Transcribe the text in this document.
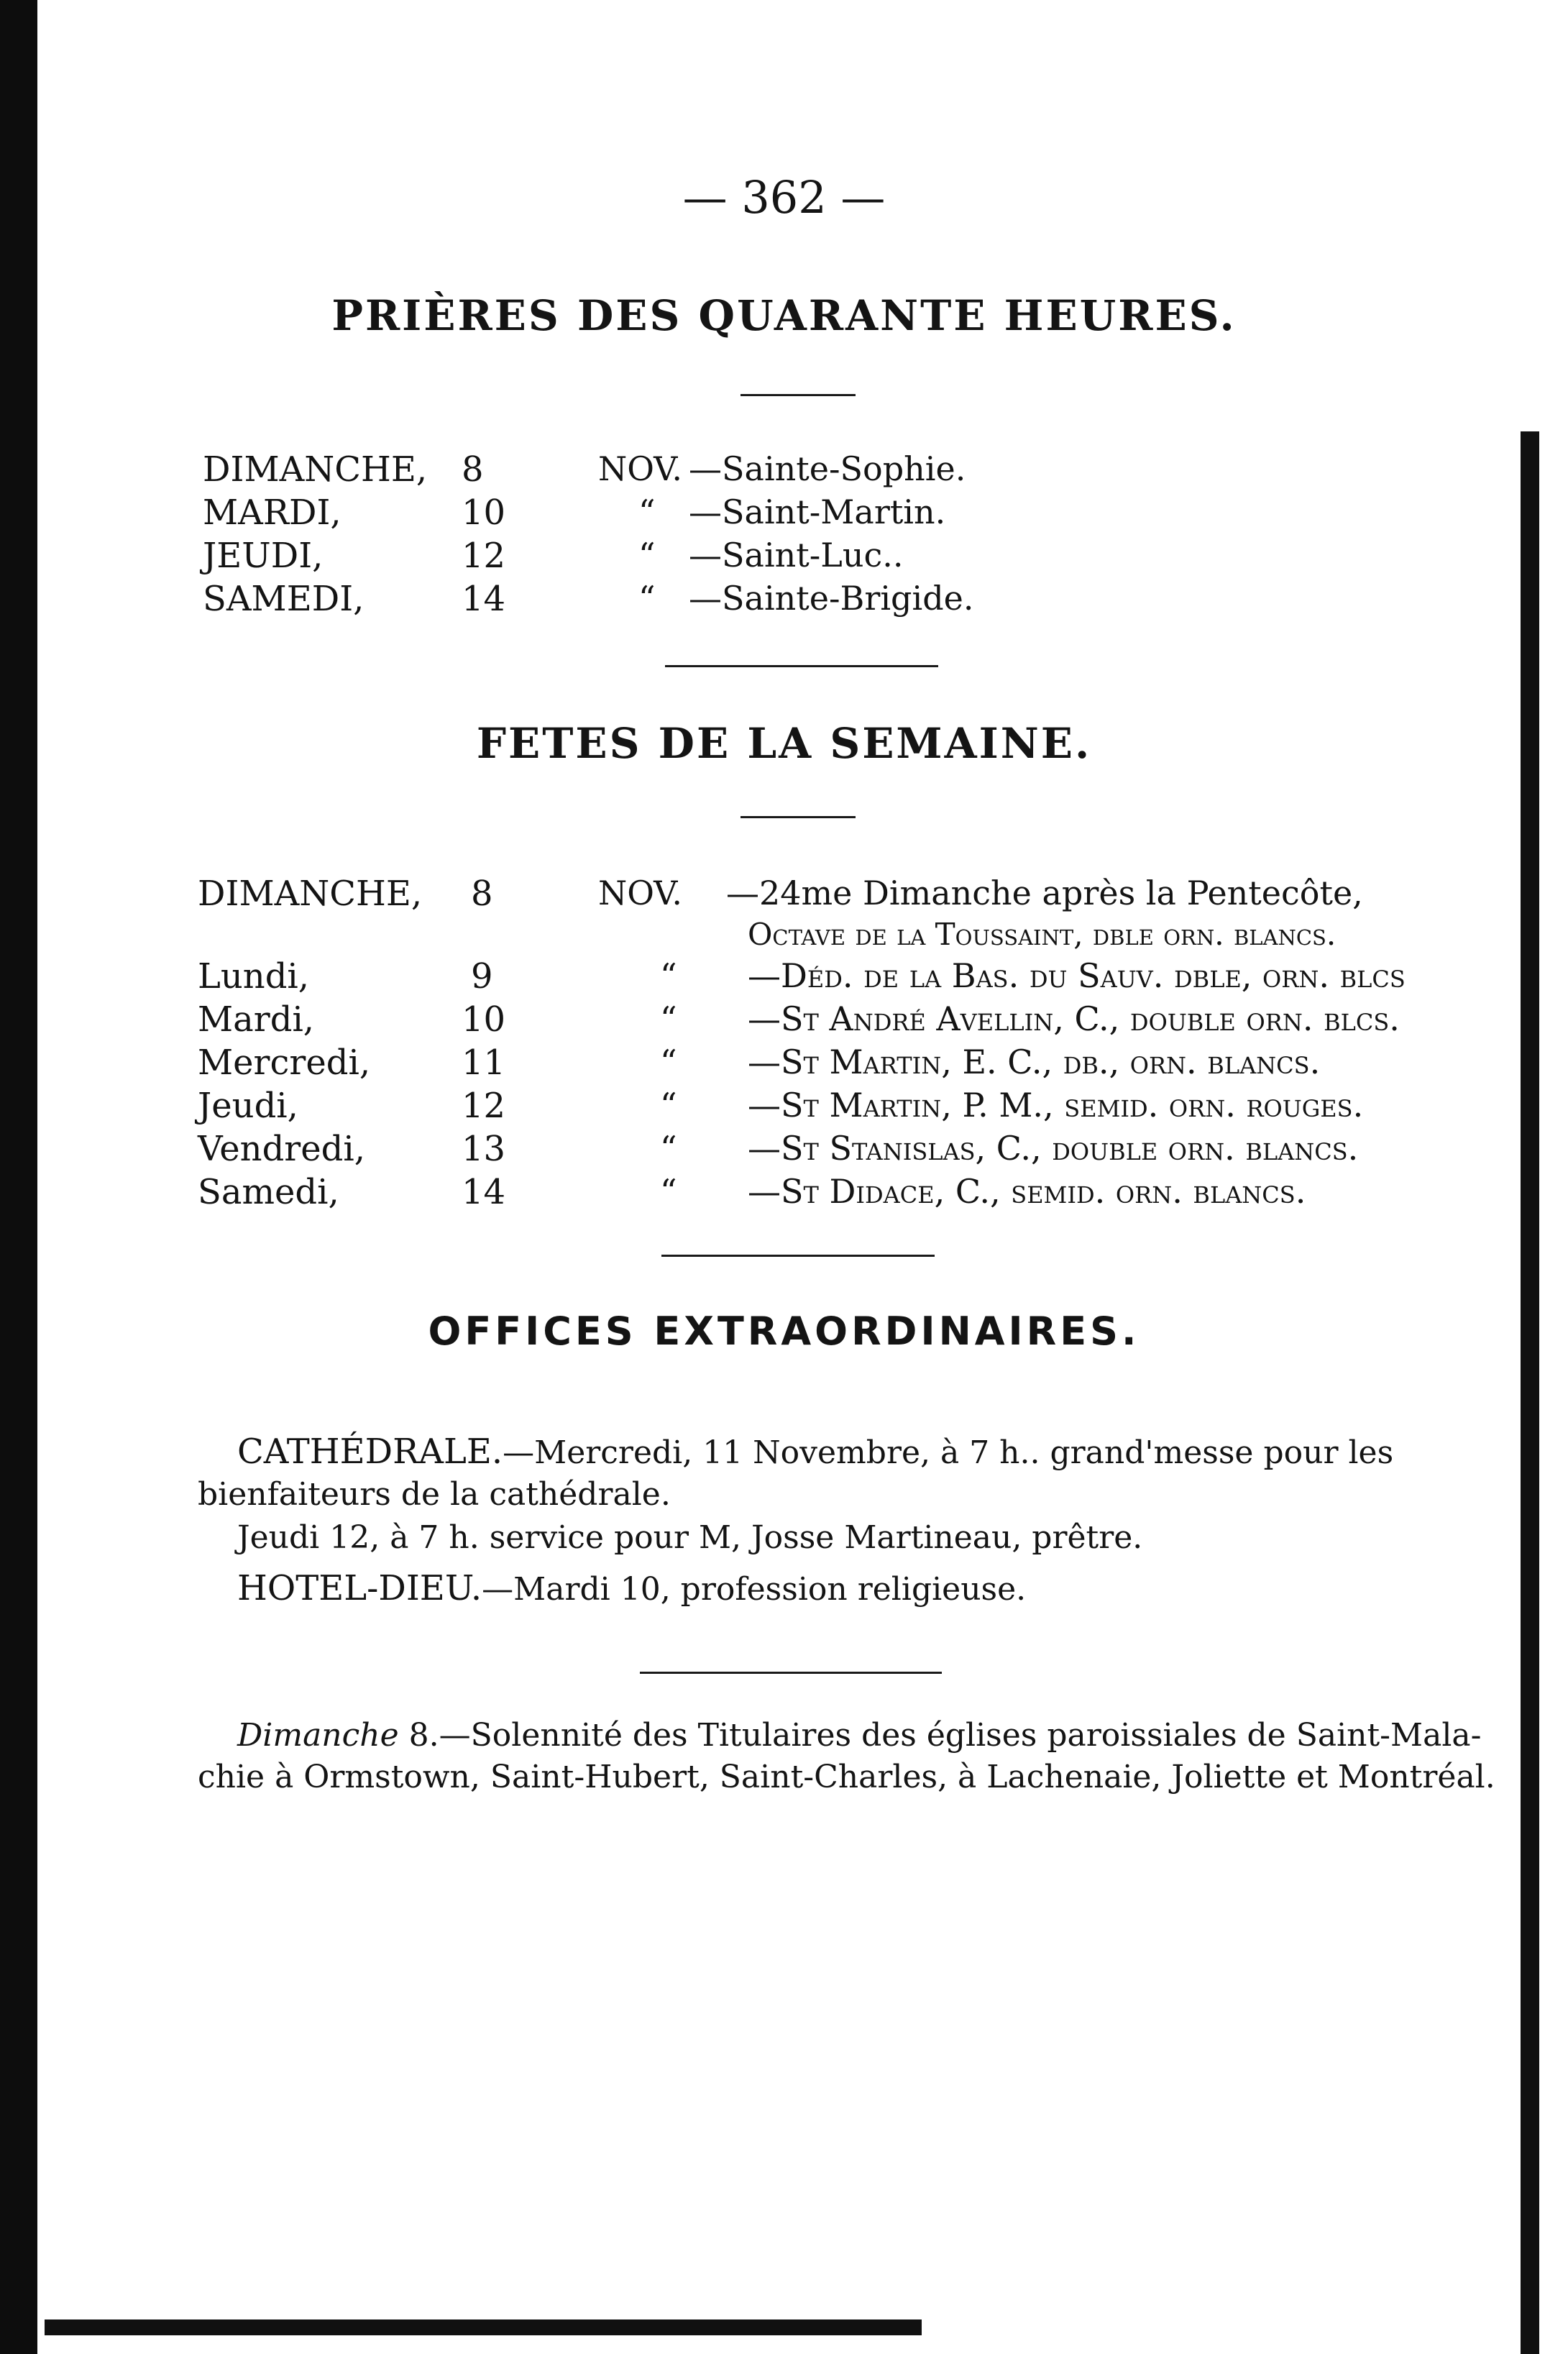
— 362 —
PRIÈRES DES QUARANTE HEURES.
DIMANCHE, 8	NOV. —Sainte-Sophie.
MARDI,	10	“ —Saint-Martin.
JEUDI,	12	“ —Saint-Luc..
SAMEDI,	14	“ —Sainte-Brigide.
FETES DE LA SEMAINE.
DIMANCHE, 8	NOV. —24me Dimanche après la Pentecôte,
Octave de la Toussaint, dble orn. blancs.
Lundi,	9	“ —Déd. de la Bas. du Sauv. dble, orn. blcs
Mardi,	10	“ —St André Avellin, C., double orn. blcs.
Mercredi,	11	“ —St Martin, E. C., db., orn. blancs.
Jeudi,	12	“ —St Martin, P. M., semid. orn. rouges.
Vendredi,	13	“ —St Stanislas, C., double orn. blancs.
Samedi,	14	“ —St Didace, C., semid. orn. blancs.
OFFICES EXTRAORDINAIRES.
CATHÉDRALE.—Mercredi, 11 Novembre, à 7 h.. grand'messe pour les
bienfaiteurs de la cathédrale.
Jeudi 12, à 7 h. service pour M, Josse Martineau, prêtre.
HOTEL-DIEU.—Mardi 10, profession religieuse.
Dimanche 8.—Solennité des Titulaires des églises paroissiales de Saint-Mala-
chie à Ormstown, Saint-Hubert, Saint-Charles, à Lachenaie, Joliette et Montréal.
